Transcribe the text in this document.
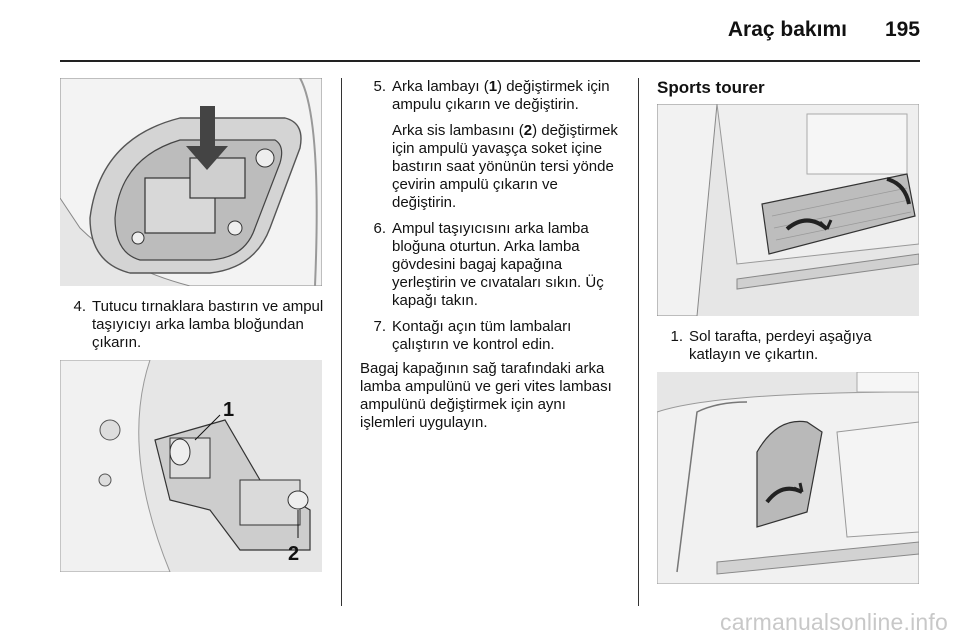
Araç bakımı 195
4. Tutucu tırnaklara bastırın ve ampul taşıyıcıyı arka lamba bloğundan çıkarın.
1
2
5. Arka lambayı (1) değiştirmek için ampulu çıkarın ve değiştirin.
Arka sis lambasını (2) değiştirmek için ampulü yavaşça soket içine bastırın saat yönünün tersi yönde çevirin ampulü çıkarın ve değiştirin.
6. Ampul taşıyıcısını arka lamba bloğuna oturtun. Arka lamba gövdesini bagaj kapağına yerleştirin ve cıvataları sıkın. Üç kapağı takın.
7. Kontağı açın tüm lambaları çalıştırın ve kontrol edin.
Bagaj kapağının sağ tarafındaki arka lamba ampulünü ve geri vites lambası ampulünü değiştirmek için aynı işlemleri uygulayın.
Sports tourer
1. Sol tarafta, perdeyi aşağıya katlayın ve çıkartın.
carmanualsonline.info
